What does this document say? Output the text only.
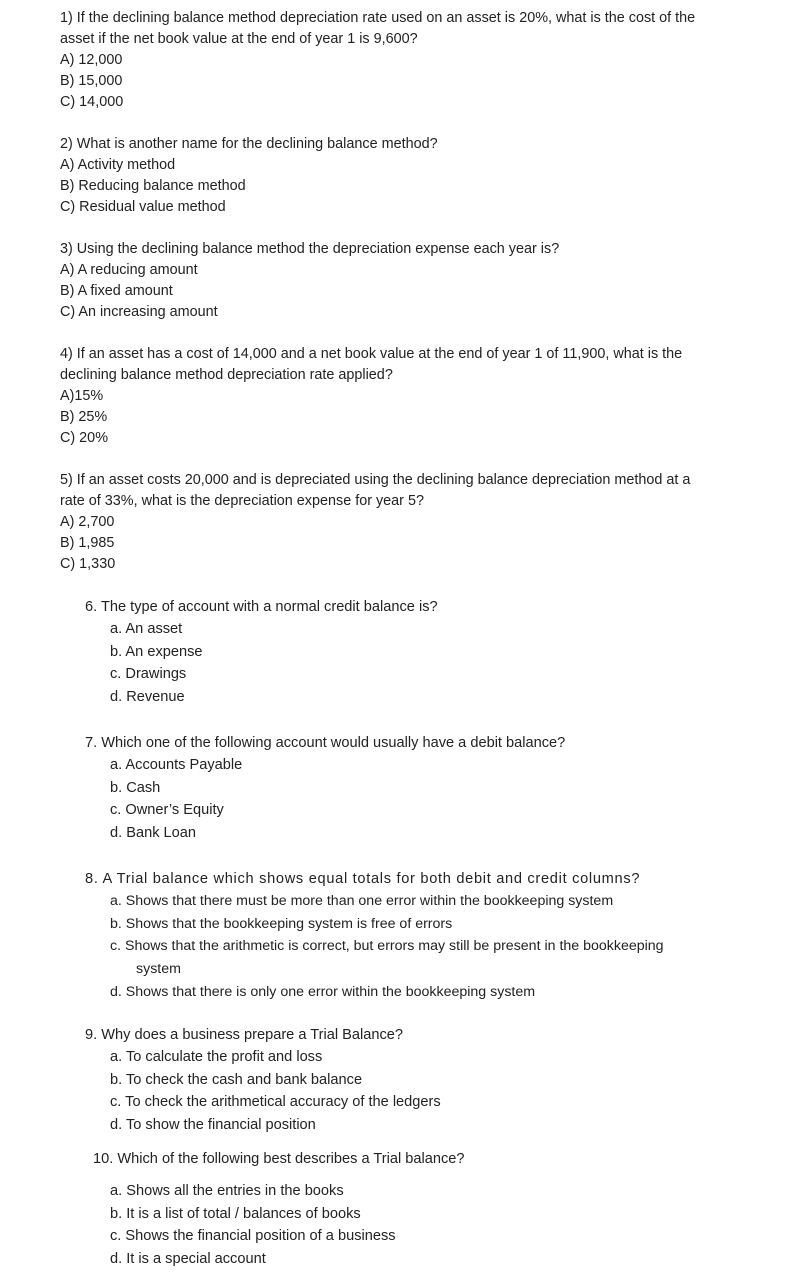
1) If the declining balance method depreciation rate used on an asset is 20%, what is the cost of the
asset if the net book value at the end of year 1 is 9,600?

A) 12,000

B) 15,000

C) 14,000

2) What is another name for the declining balance method?

A) Activity method

B) Reducing balance method

C) Residual value method

3) Using the declining balance method the depreciation expense each year is?

A) A reducing amount

B) A fixed amount

C) An increasing amount

4) If an asset has a cost of 14,000 and a net book value at the end of year 1 of 11,900, what is the
declining balance method depreciation rate applied?

A)15%

B) 25%

C) 20%

5) If an asset costs 20,000 and is depreciated using the declining balance depreciation method at a
rate of 33%, what is the depreciation expense for year 5?

A) 2,700

B) 1,985

C) 1,330

6. The type of account with a normal credit balance is?

a. An asset

b. An expense

c. Drawings

d. Revenue

7. Which one of the following account would usually have a debit balance?

a. Accounts Payable

b. Cash

c. Owner’s Equity

d. Bank Loan

8. A Trial balance which shows equal totals for both debit and credit columns?

a. Shows that there must be more than one error within the bookkeeping system

b. Shows that the bookkeeping system is free of errors

c. Shows that the arithmetic is correct, but errors may still be present in the bookkeeping
system

d. Shows that there is only one error within the bookkeeping system

9. Why does a business prepare a Trial Balance?

a. To calculate the profit and loss

b. To check the cash and bank balance

c. To check the arithmetical accuracy of the ledgers

d. To show the financial position

10. Which of the following best describes a Trial balance?

a. Shows all the entries in the books

b. It is a list of total / balances of books

c. Shows the financial position of a business

d. It is a special account
